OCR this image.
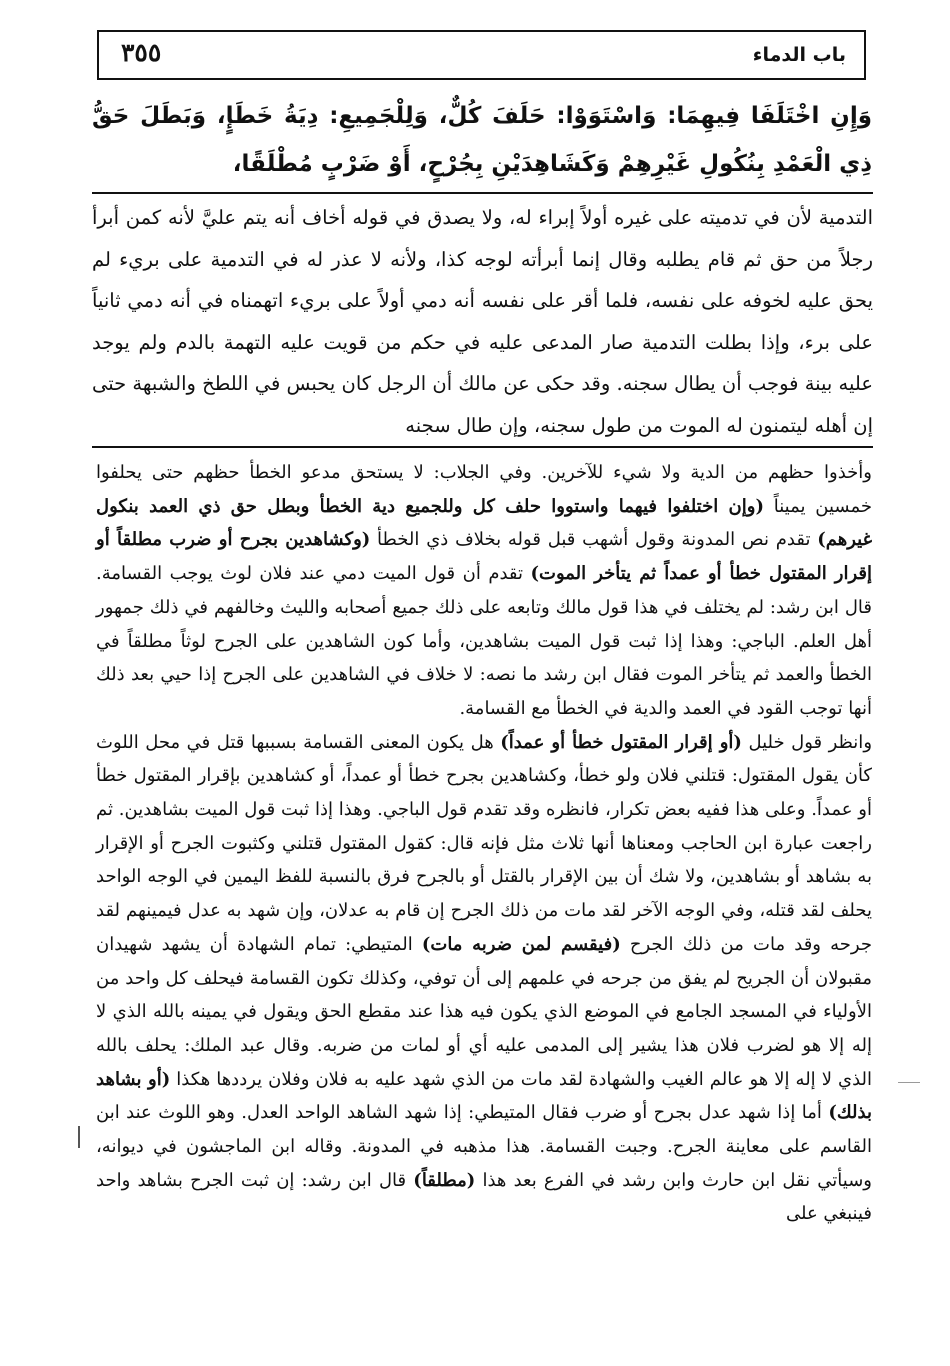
٣٥٥	باب الدماء
وَإِنِ اخْتَلَفَا فِيهِمَا: وَاسْتَوَوْا: حَلَفَ كُلٌّ، وَلِلْجَمِيعِ: دِيَةُ خَطَإٍ، وَبَطَلَ حَقُّ ذِي الْعَمْدِ بِنُكُولِ غَيْرِهِمْ وَكَشَاهِدَيْنِ بِجُرْحٍ، أَوْ ضَرْبٍ مُطْلَقًا،
التدمية لأن في تدميته على غيره أولاً إبراء له، ولا يصدق في قوله أخاف أنه يتم عليَّ لأنه كمن أبرأ رجلاً من حق ثم قام يطلبه وقال إنما أبرأته لوجه كذا، ولأنه لا عذر له في التدمية على بريء لم يحق عليه لخوفه على نفسه، فلما أقر على نفسه أنه دمي أولاً على بريء اتهمناه في أنه دمي ثانياً على برء، وإذا بطلت التدمية صار المدعى عليه في حكم من قويت عليه التهمة بالدم ولم يوجد عليه بينة فوجب أن يطال سجنه. وقد حكى عن مالك أن الرجل كان يحبس في اللطخ والشبهة حتى إن أهله ليتمنون له الموت من طول سجنه، وإن طال سجنه
وأخذوا حظهم من الدية ولا شيء للآخرين. وفي الجلاب: لا يستحق مدعو الخطأ حظهم حتى يحلفوا خمسين يميناً (وإن اختلفوا فيهما واستووا حلف كل وللجميع دية الخطأ وبطل حق ذي العمد بنكول غيرهم) تقدم نص المدونة وقول أشهب قبل قوله بخلاف ذي الخطأ (وكشاهدين بجرح أو ضرب مطلقاً أو إقرار المقتول خطأ أو عمداً ثم يتأخر الموت) تقدم أن قول الميت دمي عند فلان لوث يوجب القسامة. قال ابن رشد: لم يختلف في هذا قول مالك وتابعه على ذلك جميع أصحابه والليث وخالفهم في ذلك جمهور أهل العلم. الباجي: وهذا إذا ثبت قول الميت بشاهدين، وأما كون الشاهدين على الجرح لوثاً مطلقاً في الخطأ والعمد ثم يتأخر الموت فقال ابن رشد ما نصه: لا خلاف في الشاهدين على الجرح إذا حيي بعد ذلك أنها توجب القود في العمد والدية في الخطأ مع القسامة.
وانظر قول خليل (أو إقرار المقتول خطأ أو عمداً) هل يكون المعنى القسامة بسببها قتل في محل اللوث كأن يقول المقتول: قتلني فلان ولو خطأ، وكشاهدين بجرح خطأ أو عمداً، أو كشاهدين بإقرار المقتول خطأ أو عمداً. وعلى هذا ففيه بعض تكرار، فانظره وقد تقدم قول الباجي. وهذا إذا ثبت قول الميت بشاهدين. ثم راجعت عبارة ابن الحاجب ومعناها أنها ثلاث مثل فإنه قال: كقول المقتول قتلني وكثبوت الجرح أو الإقرار به بشاهد أو بشاهدين، ولا شك أن بين الإقرار بالقتل أو بالجرح فرق بالنسبة للفظ اليمين في الوجه الواحد يحلف لقد قتله، وفي الوجه الآخر لقد مات من ذلك الجرح إن قام به عدلان، وإن شهد به عدل فيمينهم لقد جرحه وقد مات من ذلك الجرح (فيقسم لمن ضربه مات) المتيطي: تمام الشهادة أن يشهد شهيدان مقبولان أن الجريح لم يفق من جرحه في علمهم إلى أن توفي، وكذلك تكون القسامة فيحلف كل واحد من الأولياء في المسجد الجامع في الموضع الذي يكون فيه هذا عند مقطع الحق ويقول في يمينه بالله الذي لا إله إلا هو لضرب فلان هذا يشير إلى المدمى عليه أي أو لمات من ضربه. وقال عبد الملك: يحلف بالله الذي لا إله إلا هو عالم الغيب والشهادة لقد مات من الذي شهد عليه به فلان وفلان يرددها هكذا (أو بشاهد بذلك) أما إذا شهد عدل بجرح أو ضرب فقال المتيطي: إذا شهد الشاهد الواحد العدل. وهو اللوث عند ابن القاسم على معاينة الجرح. وجبت القسامة. هذا مذهبه في المدونة. وقاله ابن الماجشون في ديوانه، وسيأتي نقل ابن حارث وابن رشد في الفرع بعد هذا (مطلقاً) قال ابن رشد: إن ثبت الجرح بشاهد واحد فينبغي على
